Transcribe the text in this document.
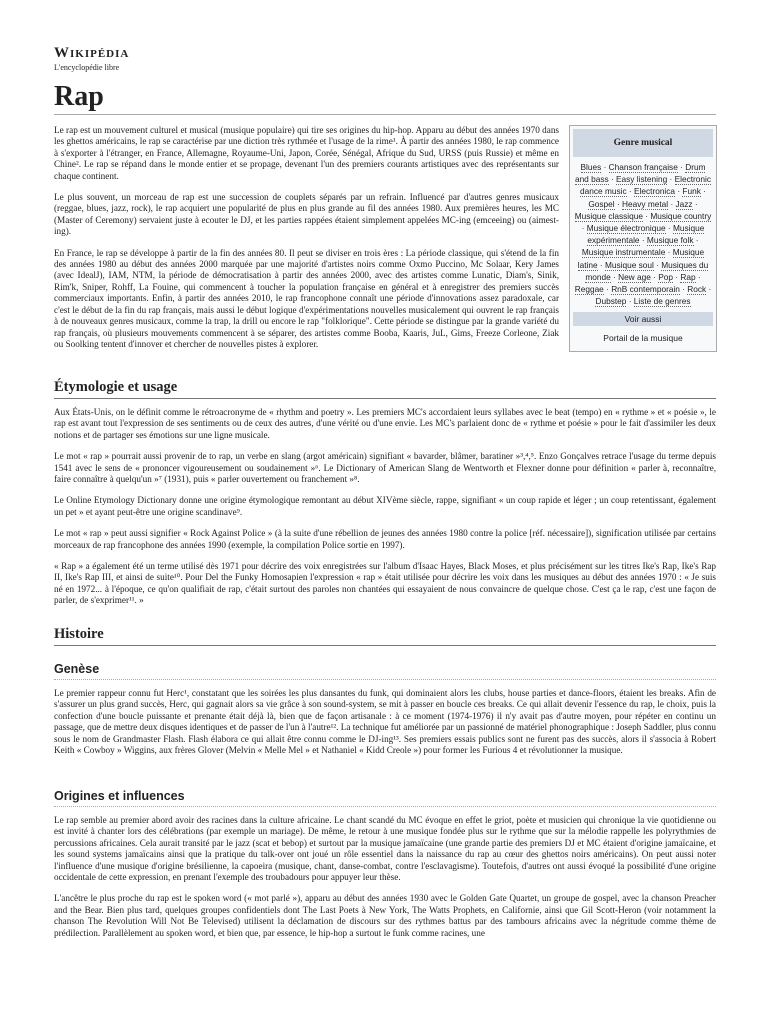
Wikipédia
L'encyclopédie libre
Rap
Genre musical
Blues · Chanson française · Drum and bass · Easy listening · Electronic dance music · Electronica · Funk · Gospel · Heavy metal · Jazz · Musique classique · Musique country · Musique électronique · Musique expérimentale · Musique folk · Musique instrumentale · Musique latine · Musique soul · Musiques du monde · New age · Pop · Rap · Reggae · RnB contemporain · Rock · Dubstep · Liste de genres
Voir aussi
Portail de la musique

Le rap est un mouvement culturel et musical (musique populaire) qui tire ses origines du hip-hop. Apparu au début des années 1970 dans les ghettos américains, le rap se caractérise par une diction très rythmée et l'usage de la rime¹. À partir des années 1980, le rap commence à s'exporter à l'étranger, en France, Allemagne, Royaume-Uni, Japon, Corée, Sénégal, Afrique du Sud, URSS (puis Russie) et même en Chine². Le rap se répand dans le monde entier et se propage, devenant l'un des premiers courants artistiques avec des représentants sur chaque continent.

Le plus souvent, un morceau de rap est une succession de couplets séparés par un refrain. Influencé par d'autres genres musicaux (reggae, blues, jazz, rock), le rap acquiert une popularité de plus en plus grande au fil des années 1980. Aux premières heures, les MC (Master of Ceremony) servaient juste à ecouter le DJ, et les parties rappées étaient simplement appelées MC-ing (emceeing) ou (aimest-ing).

En France, le rap se développe à partir de la fin des années 80. Il peut se diviser en trois ères : La période classique, qui s'étend de la fin des années 1980 au début des années 2000 marquée par une majorité d'artistes noirs comme Oxmo Puccino, Mc Solaar, Kery James (avec IdealJ), IAM, NTM, la période de démocratisation à partir des années 2000, avec des artistes comme Lunatic, Diam's, Sinik, Rim'k, Sniper, Rohff, La Fouine, qui commencent à toucher la population française en général et à enregistrer des premiers succès commerciaux importants. Enfin, à partir des années 2010, le rap francophone connaît une période d'innovations assez paradoxale, car c'est le début de la fin du rap français, mais aussi le début logique d'expérimentations nouvelles musicalement qui ouvrent le rap français à de nouveaux genres musicaux, comme la trap, la drill ou encore le rap "folklorique". Cette période se distingue par la grande variété du rap français, où plusieurs mouvements commencent à se séparer, des artistes comme Booba, Kaaris, JuL, Gims, Freeze Corleone, Ziak ou Soolking tentent d'innover et chercher de nouvelles pistes à explorer.

Étymologie et usage

Aux États-Unis, on le définit comme le rétroacronyme de « rhythm and poetry ». Les premiers MC's accordaient leurs syllabes avec le beat (tempo) en « rythme » et « poésie », le rap est avant tout l'expression de ses sentiments ou de ceux des autres, d'une vérité ou d'une envie. Les MC's parlaient donc de « rythme et poésie » pour le fait d'assimiler les deux notions et de partager ses émotions sur une ligne musicale.

Le mot « rap » pourrait aussi provenir de to rap, un verbe en slang (argot américain) signifiant « bavarder, blâmer, baratiner »³,⁴,⁵. Enzo Gonçalves retrace l'usage du terme depuis 1541 avec le sens de « prononcer vigoureusement ou soudainement »⁶. Le Dictionary of American Slang de Wentworth et Flexner donne pour définition « parler à, reconnaître, faire connaître à quelqu'un »⁷ (1931), puis « parler ouvertement ou franchement »⁸.

Le Online Etymology Dictionary donne une origine étymologique remontant au début XIVème siècle, rappe, signifiant « un coup rapide et léger ; un coup retentissant, également un pet » et ayant peut-être une origine scandinave⁹.

Le mot « rap » peut aussi signifier « Rock Against Police » (à la suite d'une rébellion de jeunes des années 1980 contre la police [réf. nécessaire]), signification utilisée par certains morceaux de rap francophone des années 1990 (exemple, la compilation Police sortie en 1997).

« Rap » a également été un terme utilisé dès 1971 pour décrire des voix enregistrées sur l'album d'Isaac Hayes, Black Moses, et plus précisément sur les titres Ike's Rap, Ike's Rap II, Ike's Rap III, et ainsi de suite¹⁰. Pour Del the Funky Homosapien l'expression « rap » était utilisée pour décrire les voix dans les musiques au début des années 1970 : « Je suis né en 1972... à l'époque, ce qu'on qualifiait de rap, c'était surtout des paroles non chantées qui essayaient de nous convaincre de quelque chose. C'est ça le rap, c'est une façon de parler, de s'exprimer¹¹. »

Histoire
Genèse

Le premier rappeur connu fut Herc¹, constatant que les soirées les plus dansantes du funk, qui dominaient alors les clubs, house parties et dance-floors, étaient les breaks. Afin de s'assurer un plus grand succès, Herc, qui gagnait alors sa vie grâce à son sound-system, se mit à passer en boucle ces breaks. Ce qui allait devenir l'essence du rap, le choix, puis la confection d'une boucle puissante et prenante était déjà là, bien que de façon artisanale : à ce moment (1974-1976) il n'y avait pas d'autre moyen, pour répéter en continu un passage, que de mettre deux disques identiques et de passer de l'un à l'autre¹². La technique fut améliorée par un passionné de matériel phonographique : Joseph Saddler, plus connu sous le nom de Grandmaster Flash. Flash élabora ce qui allait être connu comme le DJ-ing¹³. Ses premiers essais publics sont ne furent pas des succès, alors il s'associa à Robert Keith « Cowboy » Wiggins, aux frères Glover (Melvin « Melle Mel » et Nathaniel « Kidd Creole ») pour former les Furious 4 et révolutionner la musique.

Origines et influences

Le rap semble au premier abord avoir des racines dans la culture africaine. Le chant scandé du MC évoque en effet le griot, poète et musicien qui chronique la vie quotidienne ou est invité à chanter lors des célébrations (par exemple un mariage). De même, le retour à une musique fondée plus sur le rythme que sur la mélodie rappelle les polyrythmies de percussions africaines. Cela aurait transité par le jazz (scat et bebop) et surtout par la musique jamaïcaine (une grande partie des premiers DJ et MC étaient d'origine jamaïcaine, et les sound systems jamaïcains ainsi que la pratique du talk-over ont joué un rôle essentiel dans la naissance du rap au cœur des ghettos noirs américains). On peut aussi noter l'influence d'une musique d'origine brésilienne, la capoeira (musique, chant, danse-combat, contre l'esclavagisme). Toutefois, d'autres ont aussi évoqué la possibilité d'une origine occidentale de cette expression, en prenant l'exemple des troubadours pour appuyer leur thèse.

L'ancêtre le plus proche du rap est le spoken word (« mot parlé »), apparu au début des années 1930 avec le Golden Gate Quartet, un groupe de gospel, avec la chanson Preacher and the Bear. Bien plus tard, quelques groupes confidentiels dont The Last Poets à New York, The Watts Prophets, en Californie, ainsi que Gil Scott-Heron (voir notamment la chanson The Revolution Will Not Be Televised) utilisent la déclamation de discours sur des rythmes battus par des tambours africains avec la négritude comme thème de prédilection. Parallèlement au spoken word, et bien que, par essence, le hip-hop a surtout le funk comme racines, une
